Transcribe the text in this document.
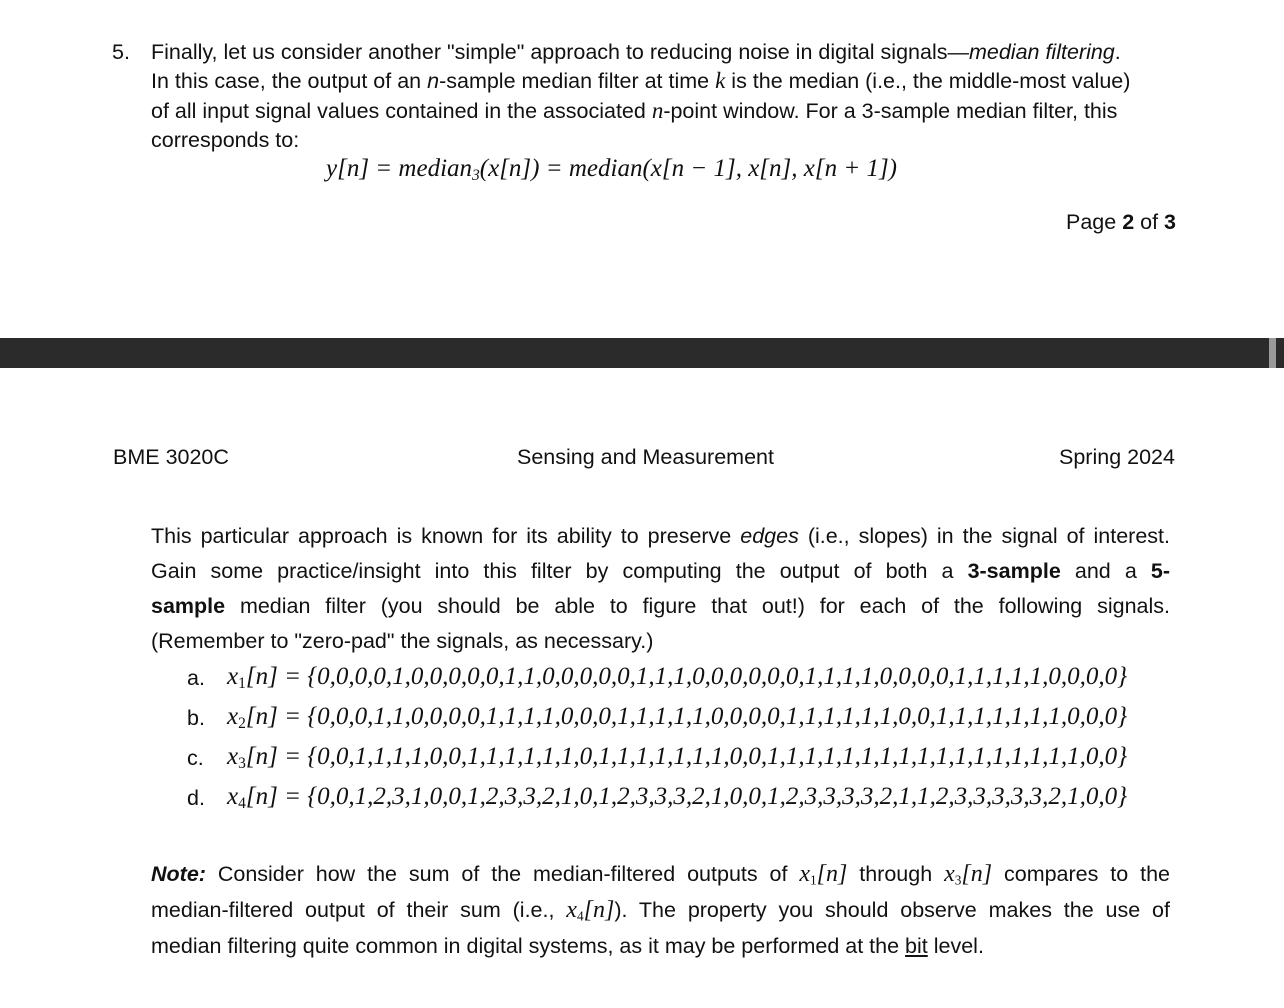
5. Finally, let us consider another "simple" approach to reducing noise in digital signals—median filtering.
In this case, the output of an n-sample median filter at time k is the median (i.e., the middle-most value)
of all input signal values contained in the associated n-point window. For a 3-sample median filter, this
corresponds to:
y[n] = median$_3$(x[n]) = median(x[n − 1], x[n], x[n + 1])
Page 2 of 3
BME 3020C	Sensing and Measurement	Spring 2024
This particular approach is known for its ability to preserve edges (i.e., slopes) in the signal of interest.
Gain some practice/insight into this filter by computing the output of both a 3-sample and a 5-
sample median filter (you should be able to figure that out!) for each of the following signals.
(Remember to "zero-pad" the signals, as necessary.)
a. $x_1[n] = \{0,0,0,0,1,0,0,0,0,0,1,1,0,0,0,0,0,1,1,1,0,0,0,0,0,0,1,1,1,1,0,0,0,0,1,1,1,1,1,0,0,0,0\}$
b. $x_2[n] = \{0,0,0,1,1,0,0,0,0,1,1,1,1,0,0,0,1,1,1,1,1,0,0,0,0,1,1,1,1,1,1,0,0,1,1,1,1,1,1,1,0,0,0\}$
c. $x_3[n] = \{0,0,1,1,1,1,0,0,1,1,1,1,1,1,0,1,1,1,1,1,1,1,0,0,1,1,1,1,1,1,1,1,1,1,1,1,1,1,1,1,1,0,0\}$
d. $x_4[n] = \{0,0,1,2,3,1,0,0,1,2,3,3,2,1,0,1,2,3,3,3,2,1,0,0,1,2,3,3,3,3,2,1,1,2,3,3,3,3,3,2,1,0,0\}$
Note: Consider how the sum of the median-filtered outputs of $x_1[n]$ through $x_3[n]$ compares to the
median-filtered output of their sum (i.e., $x_4[n]$). The property you should observe makes the use of
median filtering quite common in digital systems, as it may be performed at the bit level.
